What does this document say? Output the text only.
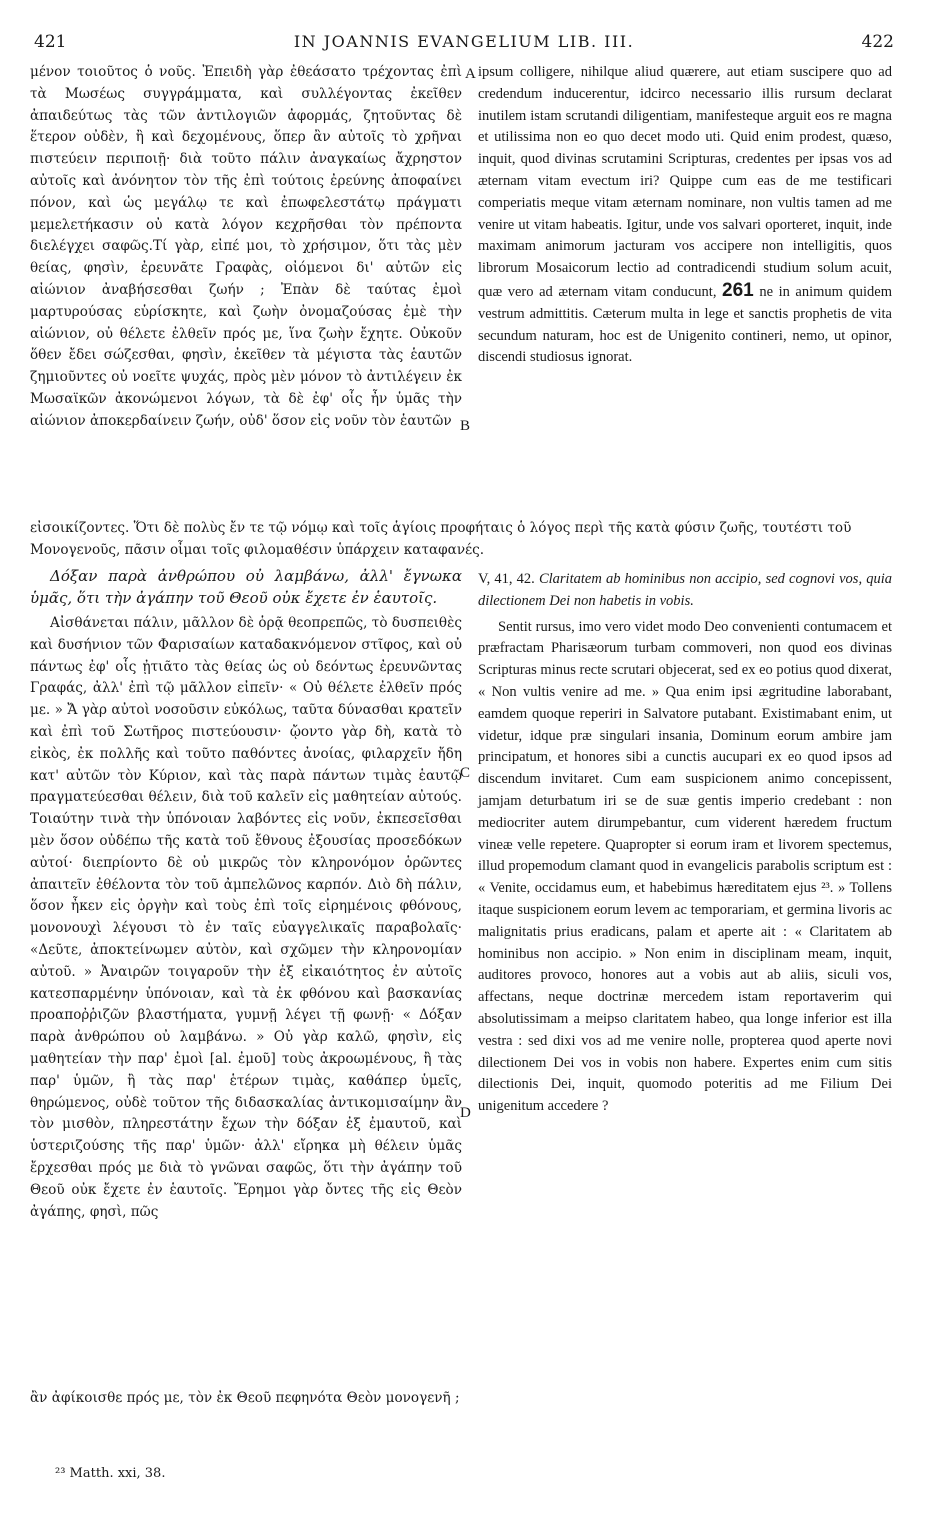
421	IN JOANNIS EVANGELIUM LIB. III.	422

μένον τοιοῦτος ὁ νοῦς. Ἐπειδὴ γὰρ ἐθεάσατο τρέχοντας ἐπὶ τὰ Μωσέως συγγράμματα, καὶ συλλέγοντας ἐκεῖθεν ἀπαιδεύτως τὰς τῶν ἀντιλογιῶν ἀφορμάς, ζητοῦντας δὲ ἕτερον οὐδὲν, ἢ καὶ δεχομένους, ὅπερ ἂν αὐτοῖς τὸ χρῆναι πιστεύειν περιποιῇ· διὰ τοῦτο πάλιν ἀναγκαίως ἄχρηστον αὐτοῖς καὶ ἀνόνητον τὸν τῆς ἐπὶ τούτοις ἐρεύνης ἀποφαίνει πόνον, καὶ ὡς μεγάλῳ τε καὶ ἐπωφελεστάτῳ πράγματι μεμελετήκασιν οὐ κατὰ λόγον κεχρῆσθαι τὸν πρέποντα διελέγχει σαφῶς.Τί γὰρ, εἰπέ μοι, τὸ χρήσιμον, ὅτι τὰς μὲν θείας, φησὶν, ἐρευνᾶτε Γραφὰς, οἰόμενοι δι' αὐτῶν εἰς αἰώνιον ἀναβήσεσθαι ζωήν ; Ἐπὰν δὲ ταύτας ἐμοὶ μαρτυρούσας εὑρίσκητε, καὶ ζωὴν ὀνομαζούσας ἐμὲ τὴν αἰώνιον, οὐ θέλετε ἐλθεῖν πρός με, ἵνα ζωὴν ἔχητε. Οὐκοῦν ὅθεν ἔδει σώζεσθαι, φησὶν, ἐκεῖθεν τὰ μέγιστα τὰς ἑαυτῶν ζημιοῦντες οὐ νοεῖτε ψυχάς, πρὸς μὲν μόνον τὸ ἀντιλέγειν ἐκ Μωσαϊκῶν ἀκονώμενοι λόγων, τὰ δὲ ἐφ' οἷς ἦν ὑμᾶς τὴν αἰώνιον ἀποκερδαίνειν ζωήν, οὐδ' ὅσον εἰς νοῦν τὸν ἑαυτῶν

εἰσοικίζοντες. Ὅτι δὲ πολὺς ἔν τε τῷ νόμῳ καὶ τοῖς ἁγίοις προφήταις ὁ λόγος περὶ τῆς κατὰ φύσιν ζωῆς, τουτέστι τοῦ Μονογενοῦς, πᾶσιν οἶμαι τοῖς φιλομαθέσιν ὑπάρχειν καταφανές.

Δόξαν παρὰ ἀνθρώπου οὐ λαμβάνω, ἀλλ' ἔγνωκα ὑμᾶς, ὅτι τὴν ἀγάπην τοῦ Θεοῦ οὐκ ἔχετε ἐν ἑαυτοῖς.

Αἰσθάνεται πάλιν, μᾶλλον δὲ ὁρᾷ θεοπρεπῶς, τὸ δυσπειθὲς καὶ δυσήνιον τῶν Φαρισαίων καταδακνόμενον στῖφος, καὶ οὐ πάντως ἐφ' οἷς ᾐτιᾶτο τὰς θείας ὡς οὐ δεόντως ἐρευνῶντας Γραφάς, ἀλλ' ἐπὶ τῷ μᾶλλον εἰπεῖν· « Οὐ θέλετε ἐλθεῖν πρός με. » Ἄ γὰρ αὐτοὶ νοσοῦσιν εὐκόλως, ταῦτα δύνασθαι κρατεῖν καὶ ἐπὶ τοῦ Σωτῆρος πιστεύουσιν· ᾤοντο γὰρ δὴ, κατὰ τὸ εἰκὸς, ἐκ πολλῆς καὶ τοῦτο παθόντες ἀνοίας, φιλαρχεῖν ἤδη κατ' αὐτῶν τὸν Κύριον, καὶ τὰς παρὰ πάντων τιμὰς ἑαυτῷ πραγματεύεσθαι θέλειν, διὰ τοῦ καλεῖν εἰς μαθητείαν αὐτούς. Τοιαύτην τινὰ τὴν ὑπόνοιαν λαβόντες εἰς νοῦν, ἐκπεσεῖσθαι μὲν ὅσον οὐδέπω τῆς κατὰ τοῦ ἔθνους ἐξουσίας προσεδόκων αὐτοί· διεπρίοντο δὲ οὐ μικρῶς τὸν κληρονόμον ὁρῶντες ἀπαιτεῖν ἐθέλοντα τὸν τοῦ ἀμπελῶνος καρπόν. Διὸ δὴ πάλιν, ὅσον ἦκεν εἰς ὀργὴν καὶ τοὺς ἐπὶ τοῖς εἰρημένοις φθόνους, μονονουχὶ λέγουσι τὸ ἐν ταῖς εὐαγγελικαῖς παραβολαῖς· «Δεῦτε, ἀποκτείνωμεν αὐτὸν, καὶ σχῶμεν τὴν κληρονομίαν αὐτοῦ. » Ἀναιρῶν τοιγαροῦν τὴν ἐξ εἰκαιότητος ἐν αὐτοῖς κατεσπαρμένην ὑπόνοιαν, καὶ τὰ ἐκ φθόνου καὶ βασκανίας προαποῤῥιζῶν βλαστήματα, γυμνῇ λέγει τῇ φωνῇ· « Δόξαν παρὰ ἀνθρώπου οὐ λαμβάνω. » Οὐ γὰρ καλῶ, φησὶν, εἰς μαθητείαν τὴν παρ' ἐμοὶ [al. ἐμοῦ] τοὺς ἀκροωμένους, ἢ τὰς παρ' ὑμῶν, ἢ τὰς παρ' ἑτέρων τιμὰς, καθάπερ ὑμεῖς, θηρώμενος, οὐδὲ τοῦτον τῆς διδασκαλίας ἀντικομισαίμην ἂν τὸν μισθὸν, πληρεστάτην ἔχων τὴν δόξαν ἐξ ἐμαυτοῦ, καὶ ὑστεριζούσης τῆς παρ' ὑμῶν· ἀλλ' εἴρηκα μὴ θέλειν ὑμᾶς ἔρχεσθαι πρός με διὰ τὸ γνῶναι σαφῶς, ὅτι τὴν ἀγάπην τοῦ Θεοῦ οὐκ ἔχετε ἐν ἑαυτοῖς. Ἔρημοι γὰρ ὄντες τῆς εἰς Θεὸν ἀγάπης, φησὶ, πῶς

ipsum colligere, nihilque aliud quærere, aut etiam suscipere quo ad credendum inducerentur, idcirco necessario illis rursum declarat inutilem istam scrutandi diligentiam, manifesteque arguit eos re magna et utilissima non eo quo decet modo uti. Quid enim prodest, quæso, inquit, quod divinas scrutamini Scripturas, credentes per ipsas vos ad æternam vitam evectum iri? Quippe cum eas de me testificari comperiatis meque vitam æternam nominare, non vultis tamen ad me venire ut vitam habeatis. Igitur, unde vos salvari oporteret, inquit, inde maximam animorum jacturam vos accipere non intelligitis, quos librorum Mosaicorum lectio ad contradicendi studium solum acuit, quæ vero ad æternam vitam conducunt, 261 ne in animum quidem vestrum admittitis. Cæterum multa in lege et sanctis prophetis de vita secundum naturam, hoc est de Unigenito contineri, nemo, ut opinor, discendi studiosus ignorat.

V, 41, 42. Claritatem ab hominibus non accipio, sed cognovi vos, quia dilectionem Dei non habetis in vobis.

Sentit rursus, imo vero videt modo Deo convenienti contumacem et præfractam Pharisæorum turbam commoveri, non quod eos divinas Scripturas minus recte scrutari objecerat, sed ex eo potius quod dixerat, « Non vultis venire ad me. » Qua enim ipsi ægritudine laborabant, eamdem quoque reperiri in Salvatore putabant. Existimabant enim, ut videtur, idque præ singulari insania, Dominum eorum ambire jam principatum, et honores sibi a cunctis aucupari ex eo quod ipsos ad discendum invitaret. Cum eam suspicionem animo concepissent, jamjam deturbatum iri se de suæ gentis imperio credebant : non mediocriter autem dirumpebantur, cum viderent hæredem fructum vineæ velle repetere. Quapropter si eorum iram et livorem spectemus, illud propemodum clamant quod in evangelicis parabolis scriptum est : « Venite, occidamus eum, et habebimus hæreditatem ejus ²³. » Tollens itaque suspicionem eorum levem ac temporariam, et germina livoris ac malignitatis prius eradicans, palam et aperte ait : « Claritatem ab hominibus non accipio. » Non enim in disciplinam meam, inquit, auditores provoco, honores aut a vobis aut ab aliis, siculi vos, affectans, neque doctrinæ mercedem istam reportaverim qui absolutissimam a meipso claritatem habeo, qua longe inferior est illa vestra : sed dixi vos ad me venire nolle, propterea quod aperte novi dilectionem Dei vos in vobis non habere. Expertes enim cum sitis dilectionis Dei, inquit, quomodo poteritis ad me Filium Dei unigenitum accedere ?

ἂν ἀφίκοισθε πρός με, τὸν ἐκ Θεοῦ πεφηνότα Θεὸν μονογενῆ ;

A
B
C
D
²³ Matth. xxi, 38.
